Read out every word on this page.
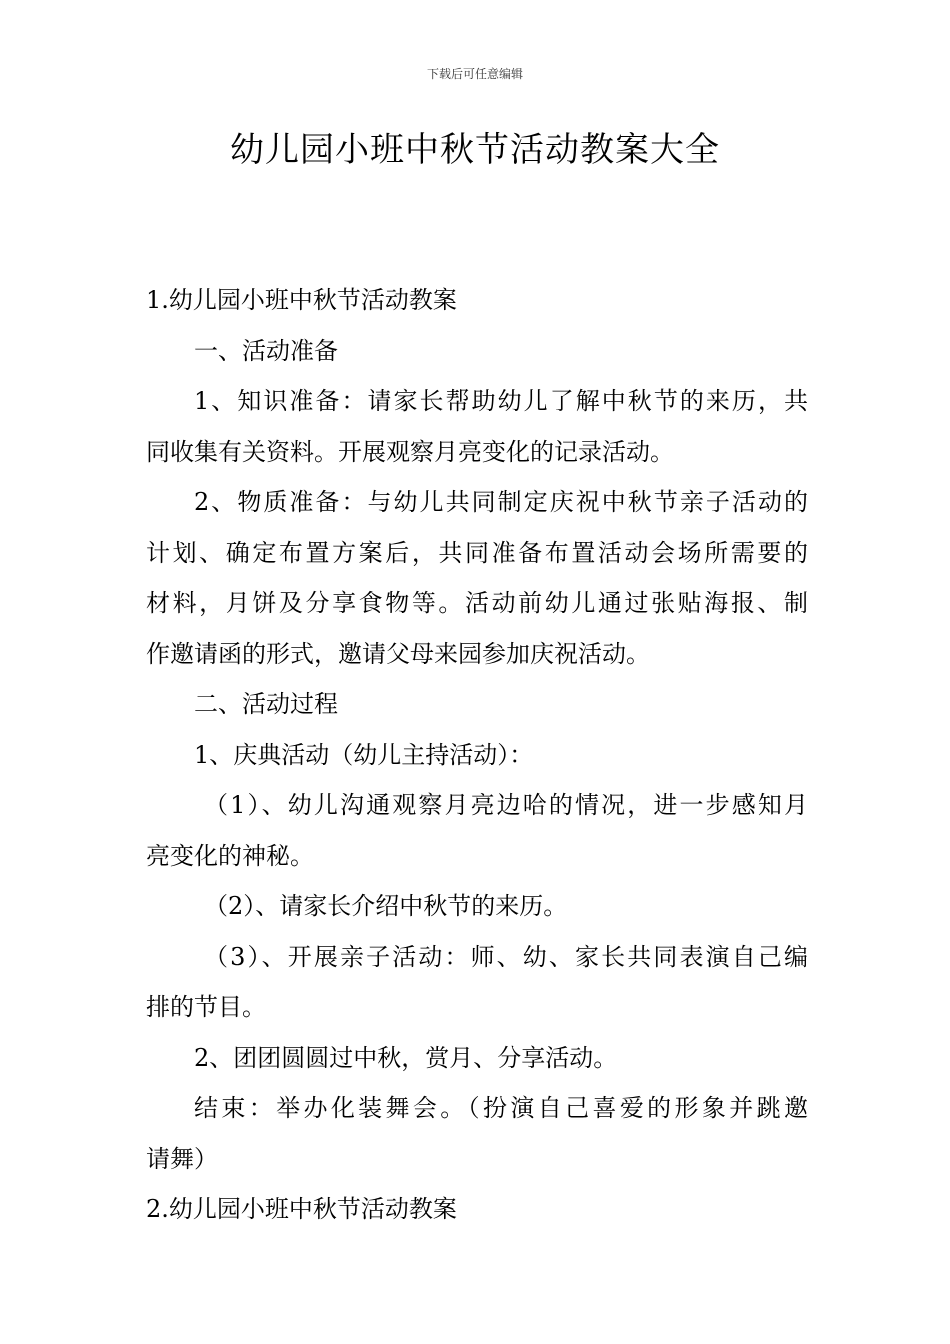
下载后可任意编辑
幼儿园小班中秋节活动教案大全
1.幼儿园小班中秋节活动教案
一、活动准备
1、知识准备：请家长帮助幼儿了解中秋节的来历，共
同收集有关资料。开展观察月亮变化的记录活动。
2、物质准备：与幼儿共同制定庆祝中秋节亲子活动的
计划、确定布置方案后，共同准备布置活动会场所需要的
材料，月饼及分享食物等。活动前幼儿通过张贴海报、制
作邀请函的形式，邀请父母来园参加庆祝活动。
二、活动过程
1、庆典活动（幼儿主持活动）：
（1）、幼儿沟通观察月亮边哈的情况，进一步感知月
亮变化的神秘。
（2）、请家长介绍中秋节的来历。
（3）、开展亲子活动：师、幼、家长共同表演自己编
排的节目。
2、团团圆圆过中秋，赏月、分享活动。
结束：举办化装舞会。（扮演自己喜爱的形象并跳邀
请舞）
2.幼儿园小班中秋节活动教案
